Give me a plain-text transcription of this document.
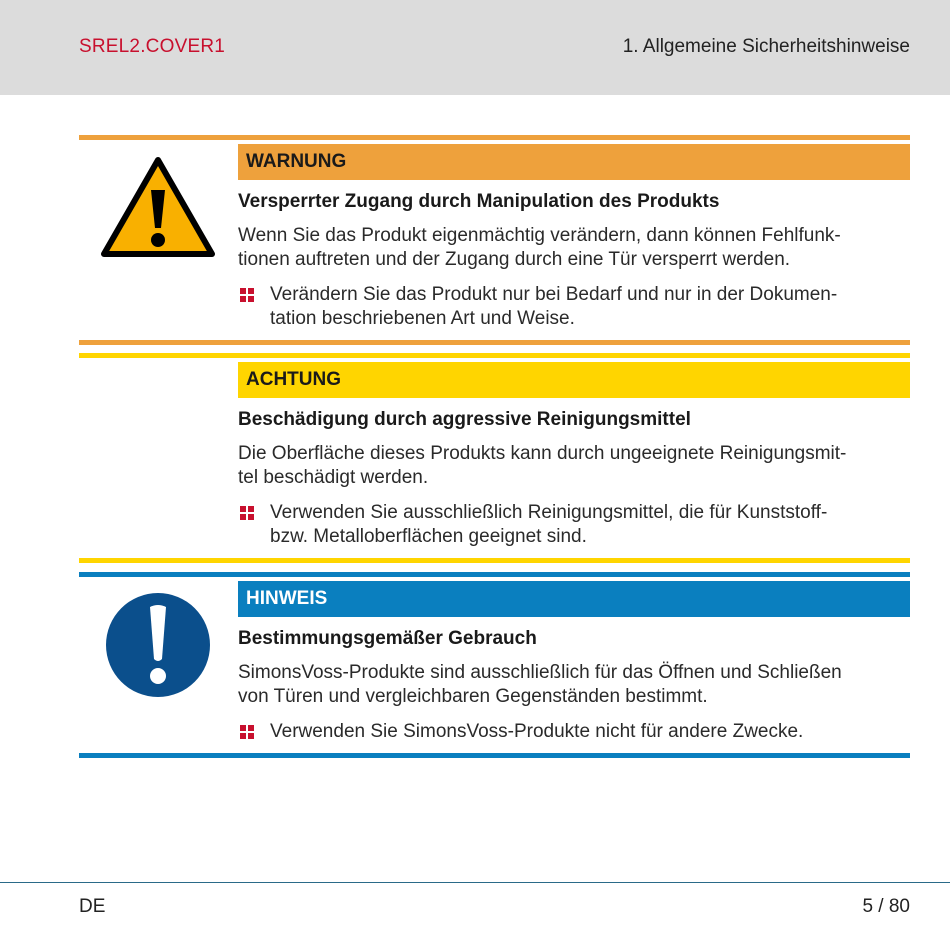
SREL2.COVER1	1. Allgemeine Sicherheitshinweise
WARNUNG
Versperrter Zugang durch Manipulation des Produkts
Wenn Sie das Produkt eigenmächtig verändern, dann können Fehlfunk-
tionen auftreten und der Zugang durch eine Tür versperrt werden.
Verändern Sie das Produkt nur bei Bedarf und nur in der Dokumen-
tation beschriebenen Art und Weise.
ACHTUNG
Beschädigung durch aggressive Reinigungsmittel
Die Oberfläche dieses Produkts kann durch ungeeignete Reinigungsmit-
tel beschädigt werden.
Verwenden Sie ausschließlich Reinigungsmittel, die für Kunststoff-
bzw. Metalloberflächen geeignet sind.
HINWEIS
Bestimmungsgemäßer Gebrauch
SimonsVoss-Produkte sind ausschließlich für das Öffnen und Schließen
von Türen und vergleichbaren Gegenständen bestimmt.
Verwenden Sie SimonsVoss-Produkte nicht für andere Zwecke.
DE	5 / 80
